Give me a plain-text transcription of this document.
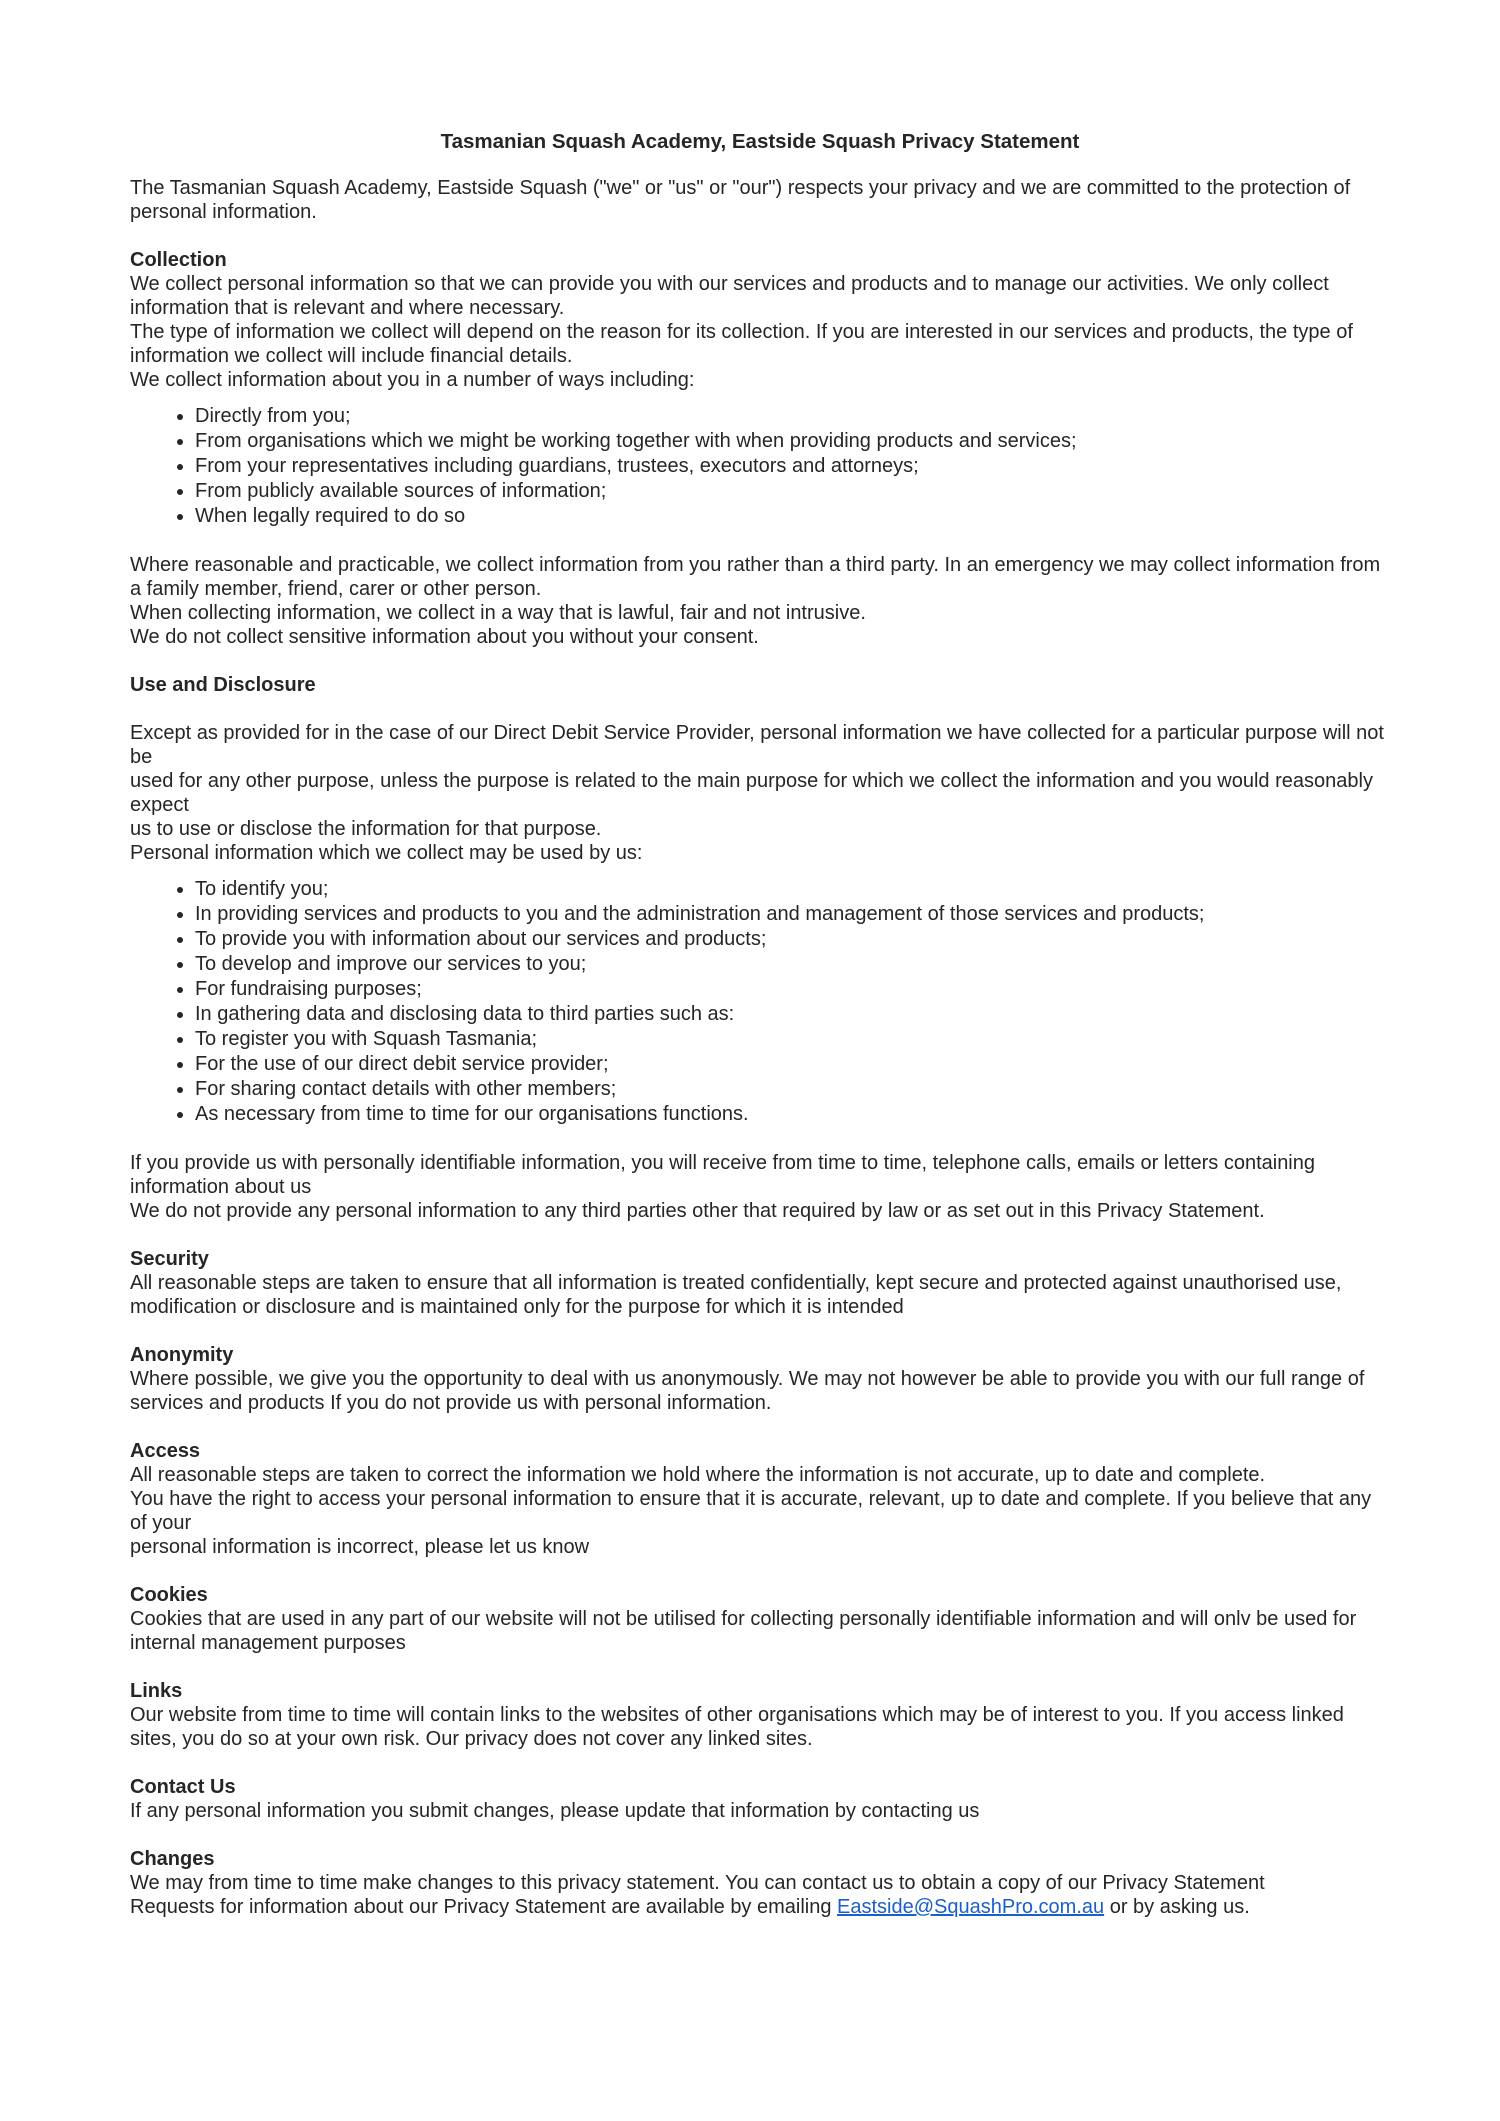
Tasmanian Squash Academy, Eastside Squash Privacy Statement

The Tasmanian Squash Academy, Eastside Squash ("we" or "us" or "our") respects your privacy and we are committed to the protection of personal information.

Collection

We collect personal information so that we can provide you with our services and products and to manage our activities. We only collect information that is relevant and where necessary.

The type of information we collect will depend on the reason for its collection. If you are interested in our services and products, the type of information we collect will include financial details.

We collect information about you in a number of ways including:

• Directly from you;
• From organisations which we might be working together with when providing products and services;
• From your representatives including guardians, trustees, executors and attorneys;
• From publicly available sources of information;
• When legally required to do so

Where reasonable and practicable, we collect information from you rather than a third party. In an emergency we may collect information from a family member, friend, carer or other person.

When collecting information, we collect in a way that is lawful, fair and not intrusive.

We do not collect sensitive information about you without your consent.

Use and Disclosure

Except as provided for in the case of our Direct Debit Service Provider, personal information we have collected for a particular purpose will not be

used for any other purpose, unless the purpose is related to the main purpose for which we collect the information and you would reasonably expect

us to use or disclose the information for that purpose.

Personal information which we collect may be used by us:

• To identify you;
• In providing services and products to you and the administration and management of those services and products;
• To provide you with information about our services and products;
• To develop and improve our services to you;
• For fundraising purposes;
• In gathering data and disclosing data to third parties such as:
• To register you with Squash Tasmania;
• For the use of our direct debit service provider;
• For sharing contact details with other members;
• As necessary from time to time for our organisations functions.

If you provide us with personally identifiable information, you will receive from time to time, telephone calls, emails or letters containing information about us

We do not provide any personal information to any third parties other that required by law or as set out in this Privacy Statement.

Security

All reasonable steps are taken to ensure that all information is treated confidentially, kept secure and protected against unauthorised use, modification or disclosure and is maintained only for the purpose for which it is intended

Anonymity

Where possible, we give you the opportunity to deal with us anonymously. We may not however be able to provide you with our full range of services and products If you do not provide us with personal information.

Access

All reasonable steps are taken to correct the information we hold where the information is not accurate, up to date and complete.

You have the right to access your personal information to ensure that it is accurate, relevant, up to date and complete. If you believe that any of your

personal information is incorrect, please let us know

Cookies

Cookies that are used in any part of our website will not be utilised for collecting personally identifiable information and will onlv be used for internal management purposes

Links

Our website from time to time will contain links to the websites of other organisations which may be of interest to you. If you access linked sites, you do so at your own risk. Our privacy does not cover any linked sites.

Contact Us

If any personal information you submit changes, please update that information by contacting us

Changes

We may from time to time make changes to this privacy statement. You can contact us to obtain a copy of our Privacy Statement

Requests for information about our Privacy Statement are available by emailing Eastside@SquashPro.com.au or by asking us.
